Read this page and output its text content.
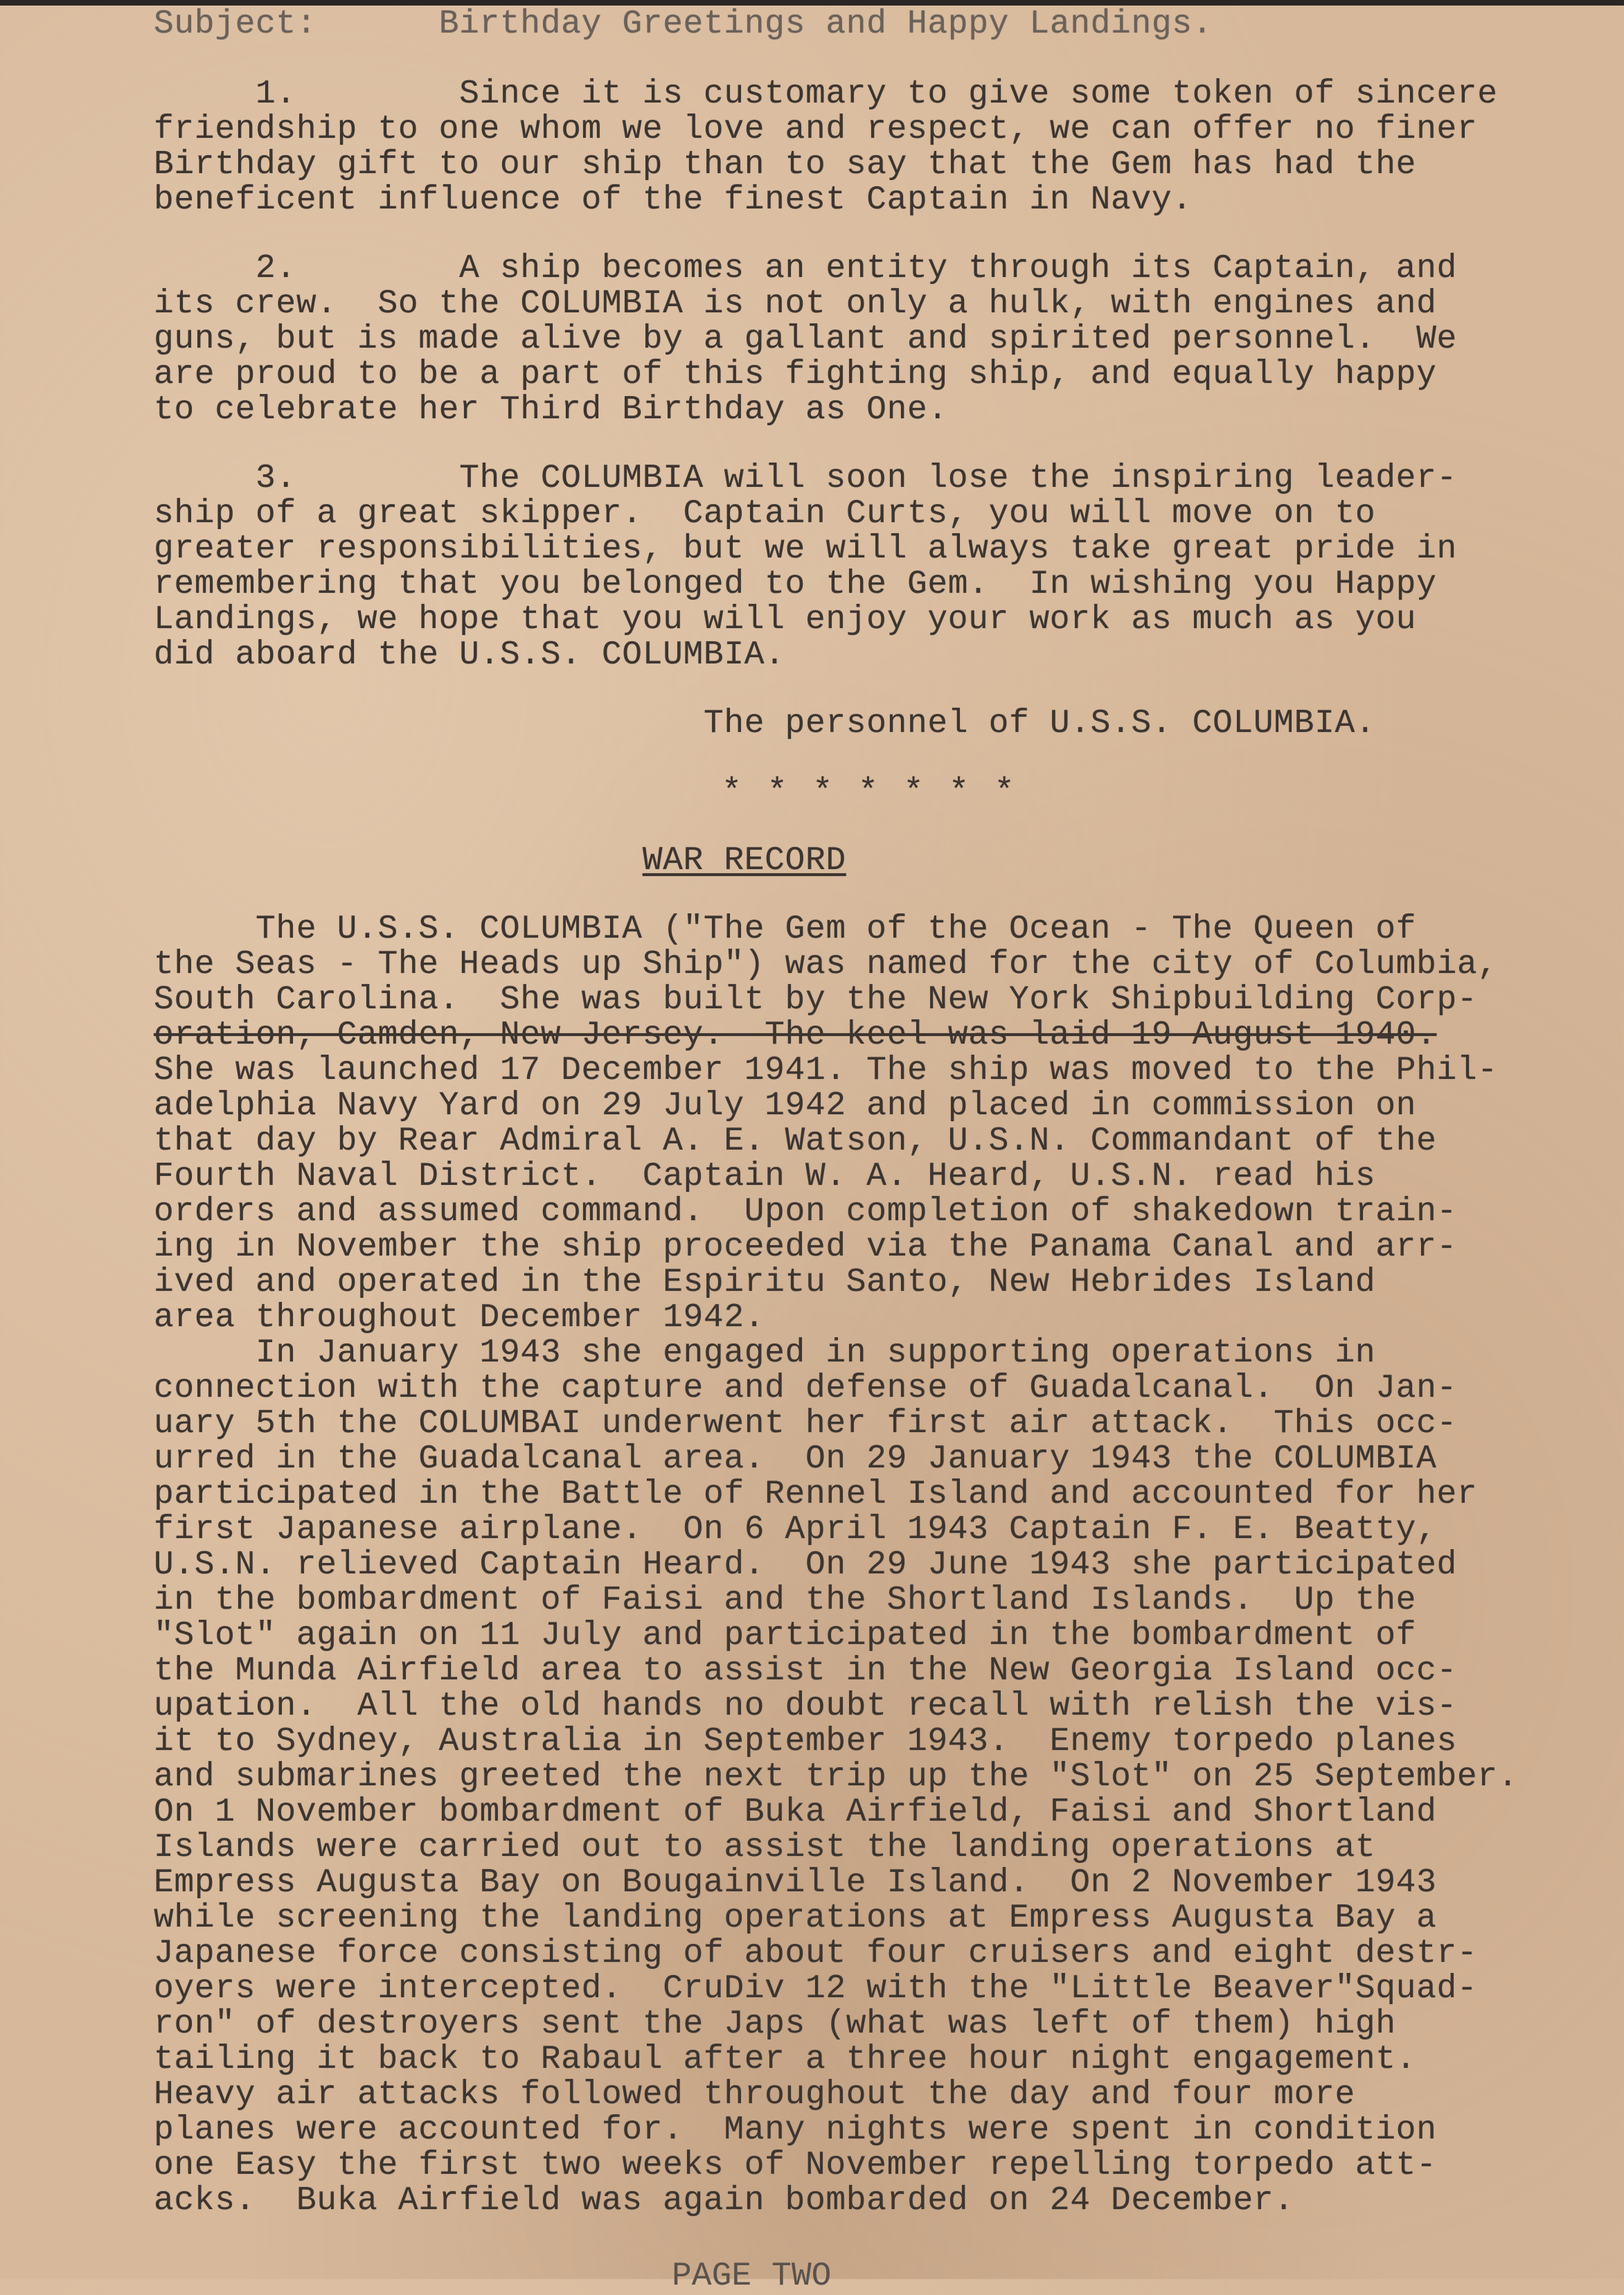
Subject:	Birthday Greetings and Happy Landings.
1.        Since it is customary to give some token of sincere
friendship to one whom we love and respect, we can offer no finer
Birthday gift to our ship than to say that the Gem has had the
beneficent influence of the finest Captain in Navy.
2.        A ship becomes an entity through its Captain, and
its crew.  So the COLUMBIA is not only a hulk, with engines and
guns, but is made alive by a gallant and spirited personnel.  We
are proud to be a part of this fighting ship, and equally happy
to celebrate her Third Birthday as One.
3.        The COLUMBIA will soon lose the inspiring leader-
ship of a great skipper.  Captain Curts, you will move on to
greater responsibilities, but we will always take great pride in
remembering that you belonged to the Gem.  In wishing you Happy
Landings, we hope that you will enjoy your work as much as you
did aboard the U.S.S. COLUMBIA.
The personnel of U.S.S. COLUMBIA.
* * * * * * *
WAR RECORD
The U.S.S. COLUMBIA ("The Gem of the Ocean - The Queen of
the Seas - The Heads up Ship") was named for the city of Columbia,
South Carolina.  She was built by the New York Shipbuilding Corp-
oration, Camden, New Jersey.  The keel was laid 19 August 1940.
She was launched 17 December 1941. The ship was moved to the Phil-
adelphia Navy Yard on 29 July 1942 and placed in commission on
that day by Rear Admiral A. E. Watson, U.S.N. Commandant of the
Fourth Naval District.  Captain W. A. Heard, U.S.N. read his
orders and assumed command.  Upon completion of shakedown train-
ing in November the ship proceeded via the Panama Canal and arr-
ived and operated in the Espiritu Santo, New Hebrides Island
area throughout December 1942.
In January 1943 she engaged in supporting operations in
connection with the capture and defense of Guadalcanal.  On Jan-
uary 5th the COLUMBAI underwent her first air attack.  This occ-
urred in the Guadalcanal area.  On 29 January 1943 the COLUMBIA
participated in the Battle of Rennel Island and accounted for her
first Japanese airplane.  On 6 April 1943 Captain F. E. Beatty,
U.S.N. relieved Captain Heard.  On 29 June 1943 she participated
in the bombardment of Faisi and the Shortland Islands.  Up the
"Slot" again on 11 July and participated in the bombardment of
the Munda Airfield area to assist in the New Georgia Island occ-
upation.  All the old hands no doubt recall with relish the vis-
it to Sydney, Australia in September 1943.  Enemy torpedo planes
and submarines greeted the next trip up the "Slot" on 25 September.
On 1 November bombardment of Buka Airfield, Faisi and Shortland
Islands were carried out to assist the landing operations at
Empress Augusta Bay on Bougainville Island.  On 2 November 1943
while screening the landing operations at Empress Augusta Bay a
Japanese force consisting of about four cruisers and eight destr-
oyers were intercepted.  CruDiv 12 with the "Little Beaver"Squad-
ron" of destroyers sent the Japs (what was left of them) high
tailing it back to Rabaul after a three hour night engagement.
Heavy air attacks followed throughout the day and four more
planes were accounted for.  Many nights were spent in condition
one Easy the first two weeks of November repelling torpedo att-
acks.  Buka Airfield was again bombarded on 24 December.
PAGE TWO
